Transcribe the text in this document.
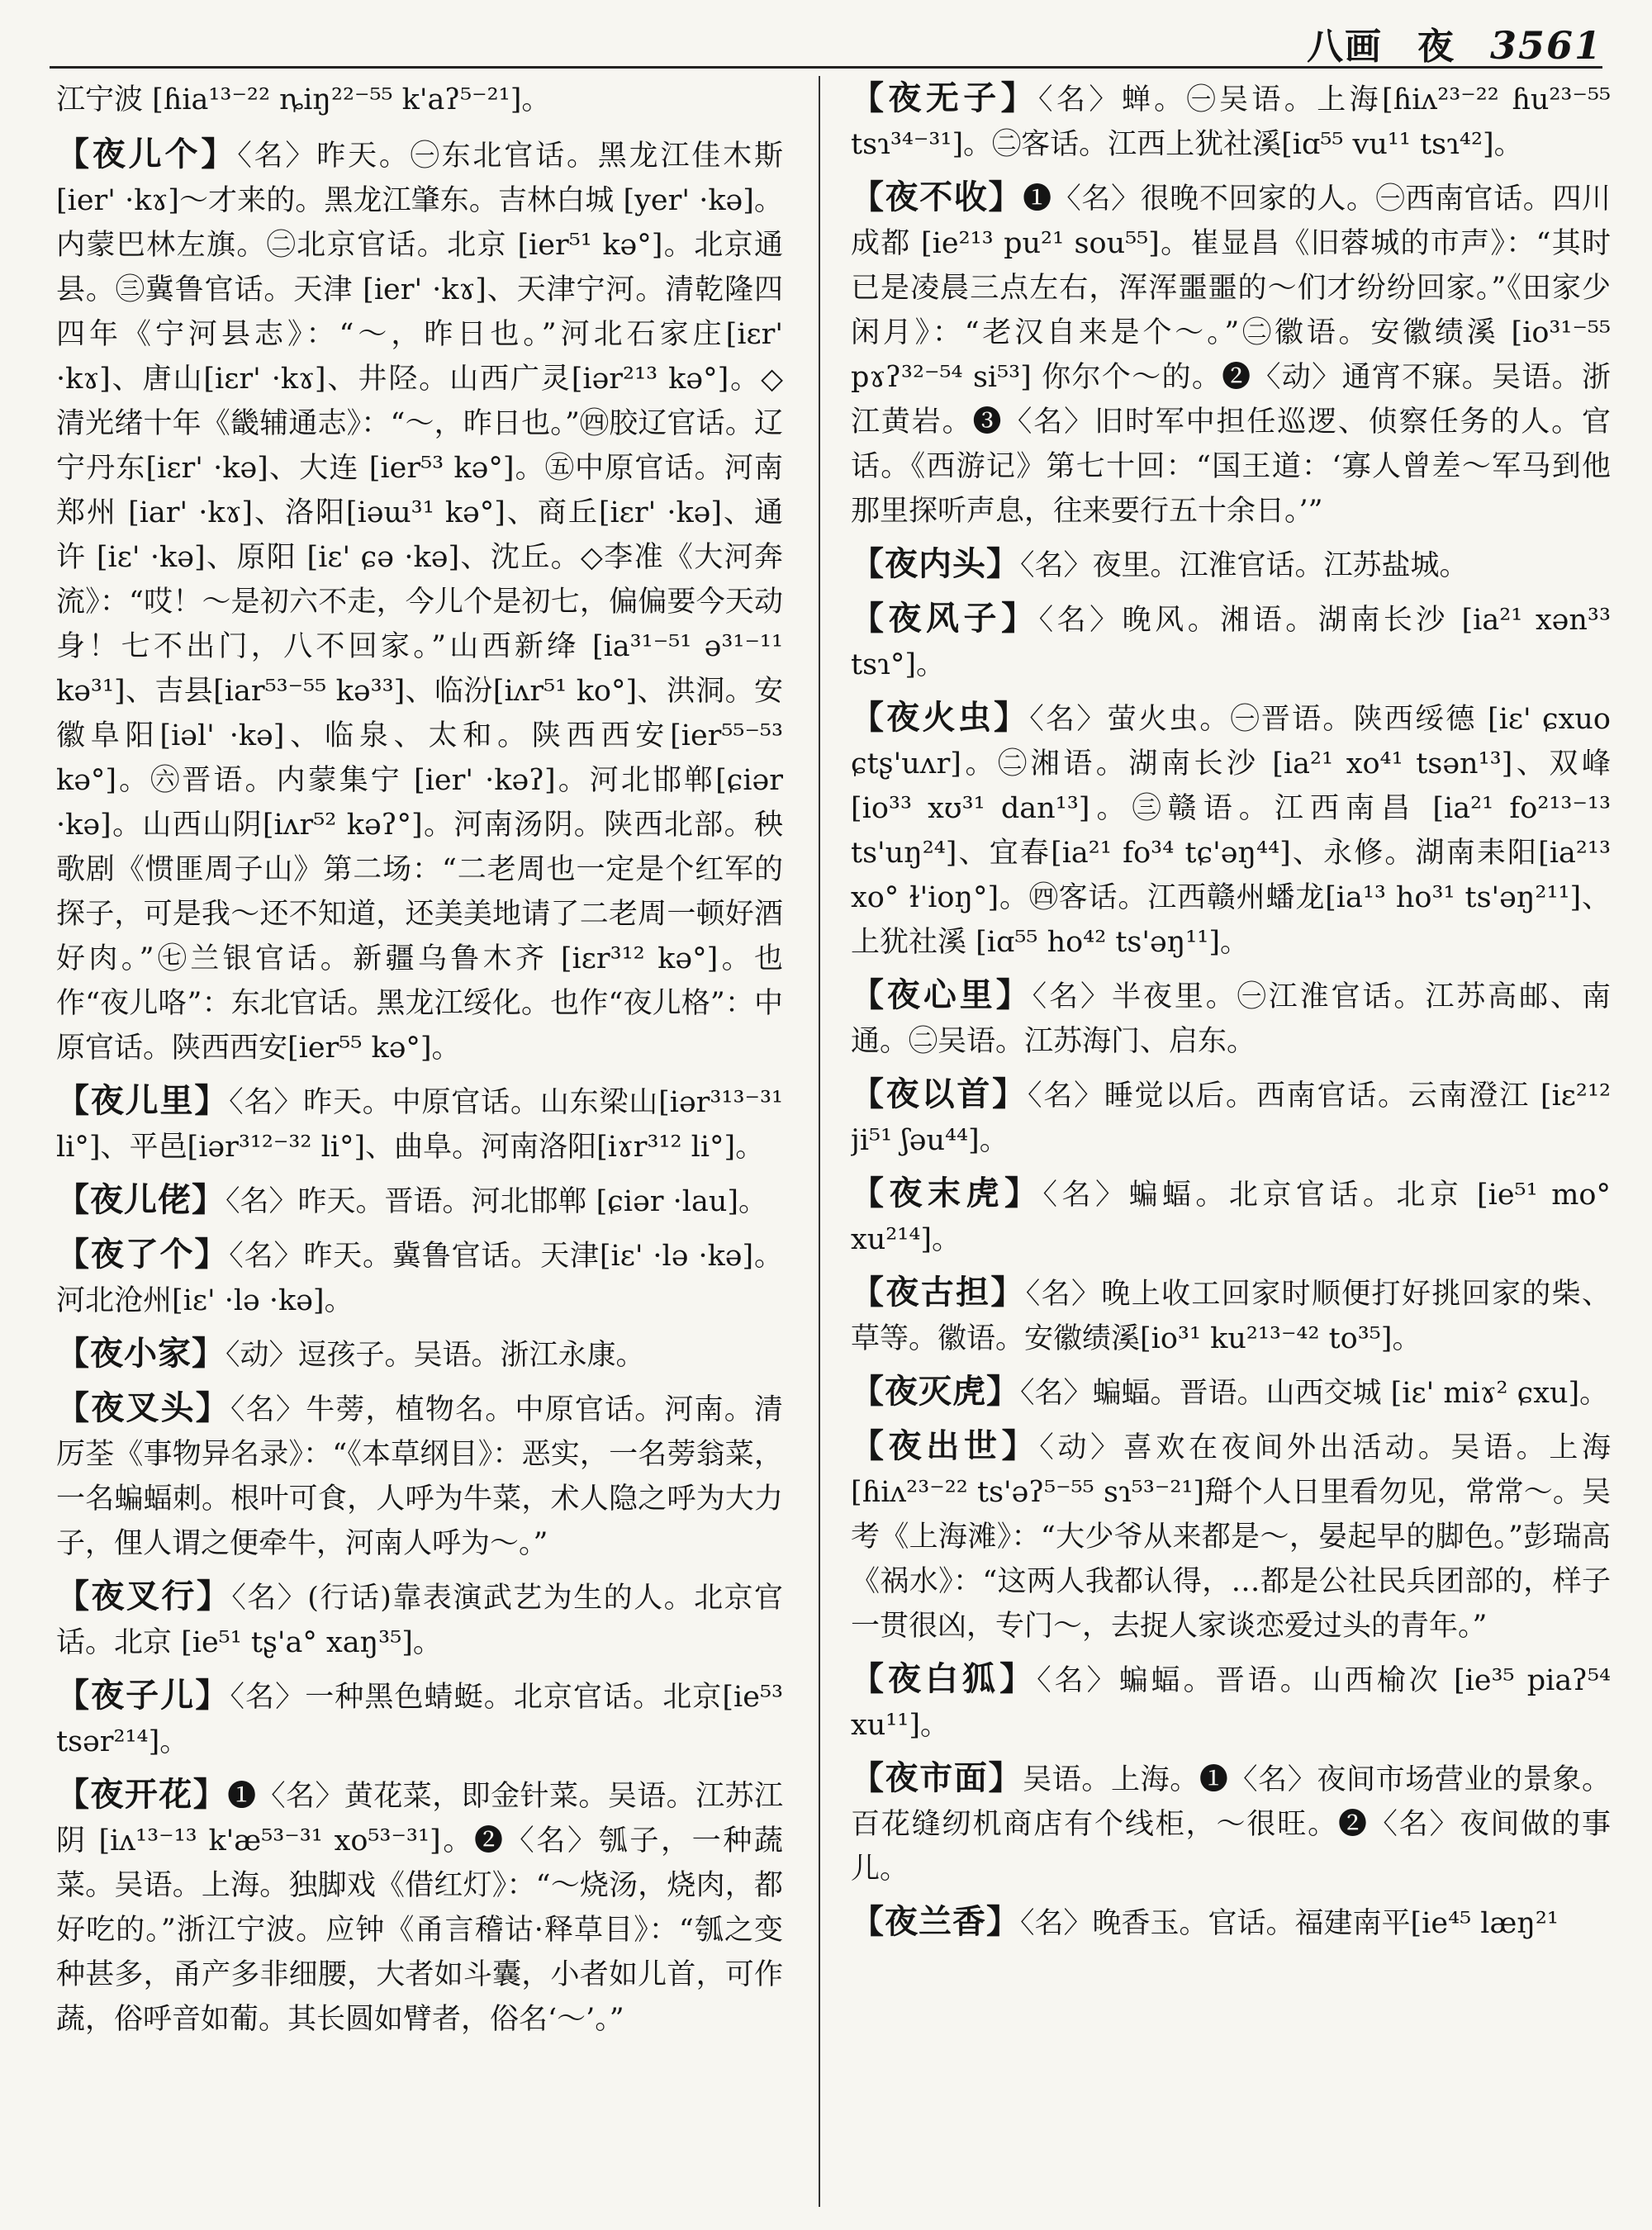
八画 夜 3561

江宁波 [ɦia¹³⁻²² ȵiŋ²²⁻⁵⁵ k'aʔ⁵⁻²¹]。

【夜儿个】〈名〉昨天。㊀东北官话。黑龙江佳木斯 [ier' ·kɤ]～才来的。黑龙江肇东。吉林白城 [yer' ·kə]。内蒙巴林左旗。㊁北京官话。北京 [ier⁵¹ kə°]。北京通县。㊂冀鲁官话。天津 [ier' ·kɤ]、天津宁河。清乾隆四四年《宁河县志》：“～，昨日也。”河北石家庄[iɛr' ·kɤ]、唐山[iɛr' ·kɤ]、井陉。山西广灵[iər²¹³ kə°]。◇清光绪十年《畿辅通志》：“～，昨日也。”㊃胶辽官话。辽宁丹东[iɛr' ·kə]、大连 [ier⁵³ kə°]。㊄中原官话。河南郑州 [iar' ·kɤ]、洛阳[iəɯ³¹ kə°]、商丘[iɛr' ·kə]、通许 [iɛ' ·kə]、原阳 [iɛ' ɕə ·kə]、沈丘。◇李准《大河奔流》：“哎！～是初六不走，今儿个是初七，偏偏要今天动身！七不出门，八不回家。”山西新绛 [ia³¹⁻⁵¹ ə³¹⁻¹¹ kə³¹]、吉县[iar⁵³⁻⁵⁵ kə³³]、临汾[iʌr⁵¹ ko°]、洪洞。安徽阜阳[iəl' ·kə]、临泉、太和。陕西西安[ier⁵⁵⁻⁵³ kə°]。㊅晋语。内蒙集宁 [ier' ·kəʔ]。河北邯郸[ɕiər ·kə]。山西山阴[iʌr⁵² kəʔ°]。河南汤阴。陕西北部。秧歌剧《惯匪周子山》第二场：“二老周也一定是个红军的探子，可是我～还不知道，还美美地请了二老周一顿好酒好肉。”㊆兰银官话。新疆乌鲁木齐 [iɛr³¹² kə°]。也作“夜儿咯”：东北官话。黑龙江绥化。也作“夜儿格”：中原官话。陕西西安[ier⁵⁵ kə°]。

【夜儿里】〈名〉昨天。中原官话。山东梁山[iər³¹³⁻³¹ li°]、平邑[iər³¹²⁻³² li°]、曲阜。河南洛阳[iɤr³¹² li°]。

【夜儿佬】〈名〉昨天。晋语。河北邯郸 [ɕiər ·lau]。

【夜了个】〈名〉昨天。冀鲁官话。天津[iɛ' ·lə ·kə]。河北沧州[iɛ' ·lə ·kə]。

【夜小家】〈动〉逗孩子。吴语。浙江永康。

【夜叉头】〈名〉牛蒡，植物名。中原官话。河南。清厉荃《事物异名录》：“《本草纲目》：恶实，一名蒡翁菜，一名蝙蝠刺。根叶可食，人呼为牛菜，术人隐之呼为大力子，俚人谓之便牵牛，河南人呼为～。”

【夜叉行】〈名〉(行话)靠表演武艺为生的人。北京官话。北京 [ie⁵¹ tʂ'a° xaŋ³⁵]。

【夜子儿】〈名〉一种黑色蜻蜓。北京官话。北京[ie⁵³ tsər²¹⁴]。

【夜开花】❶〈名〉黄花菜，即金针菜。吴语。江苏江阴 [iʌ¹³⁻¹³ k'æ⁵³⁻³¹ xo⁵³⁻³¹]。❷〈名〉瓠子，一种蔬菜。吴语。上海。独脚戏《借红灯》：“～烧汤，烧肉，都好吃的。”浙江宁波。应钟《甬言稽诂·释草目》：“瓠之变种甚多，甬产多非细腰，大者如斗囊，小者如儿首，可作蔬，俗呼音如葡。其长圆如臂者，俗名‘～’。”

【夜无子】〈名〉蝉。㊀吴语。上海[ɦiʌ²³⁻²² ɦu²³⁻⁵⁵ tsɿ³⁴⁻³¹]。㊁客话。江西上犹社溪[iɑ⁵⁵ vu¹¹ tsɿ⁴²]。

【夜不收】❶〈名〉很晚不回家的人。㊀西南官话。四川成都 [ie²¹³ pu²¹ sou⁵⁵]。崔显昌《旧蓉城的市声》：“其时已是凌晨三点左右，浑浑噩噩的～们才纷纷回家。”《田家少闲月》：“老汉自来是个～。”㊁徽语。安徽绩溪 [io³¹⁻⁵⁵ pɤʔ³²⁻⁵⁴ si⁵³] 你尔个～的。❷〈动〉通宵不寐。吴语。浙江黄岩。❸〈名〉旧时军中担任巡逻、侦察任务的人。官话。《西游记》第七十回：“国王道：‘寡人曾差～军马到他那里探听声息，往来要行五十余日。’”

【夜内头】〈名〉夜里。江淮官话。江苏盐城。

【夜风子】〈名〉晚风。湘语。湖南长沙 [ia²¹ xən³³ tsɿ°]。

【夜火虫】〈名〉萤火虫。㊀晋语。陕西绥德 [iɛ' ɕxuo ɕtʂ'uʌr]。㊁湘语。湖南长沙 [ia²¹ xo⁴¹ tsən¹³]、双峰 [io³³ xʊ³¹ dan¹³]。㊂赣语。江西南昌 [ia²¹ fo²¹³⁻¹³ ts'uŋ²⁴]、宜春[ia²¹ fo³⁴ tɕ'əŋ⁴⁴]、永修。湖南耒阳[ia²¹³ xo° ɫ'ioŋ°]。㊃客话。江西赣州蟠龙[ia¹³ ho³¹ ts'əŋ²¹¹]、上犹社溪 [iɑ⁵⁵ ho⁴² ts'əŋ¹¹]。

【夜心里】〈名〉半夜里。㊀江淮官话。江苏高邮、南通。㊁吴语。江苏海门、启东。

【夜以首】〈名〉睡觉以后。西南官话。云南澄江 [iɛ²¹² ji⁵¹ ʃəu⁴⁴]。

【夜末虎】〈名〉蝙蝠。北京官话。北京 [ie⁵¹ mo° xu²¹⁴]。

【夜古担】〈名〉晚上收工回家时顺便打好挑回家的柴、草等。徽语。安徽绩溪[io³¹ ku²¹³⁻⁴² to³⁵]。

【夜灭虎】〈名〉蝙蝠。晋语。山西交城 [iɛ' miɤ² ɕxu]。

【夜出世】〈动〉喜欢在夜间外出活动。吴语。上海 [ɦiʌ²³⁻²² ts'əʔ⁵⁻⁵⁵ sɿ⁵³⁻²¹]搿个人日里看勿见，常常～。吴考《上海滩》：“大少爷从来都是～，晏起早的脚色。”彭瑞高《祸水》：“这两人我都认得，…都是公社民兵团部的，样子一贯很凶，专门～，去捉人家谈恋爱过头的青年。”

【夜白狐】〈名〉蝙蝠。晋语。山西榆次 [ie³⁵ piaʔ⁵⁴ xu¹¹]。

【夜市面】吴语。上海。❶〈名〉夜间市场营业的景象。百花缝纫机商店有个线柜，～很旺。❷〈名〉夜间做的事儿。

【夜兰香】〈名〉晚香玉。官话。福建南平[ie⁴⁵ læŋ²¹
